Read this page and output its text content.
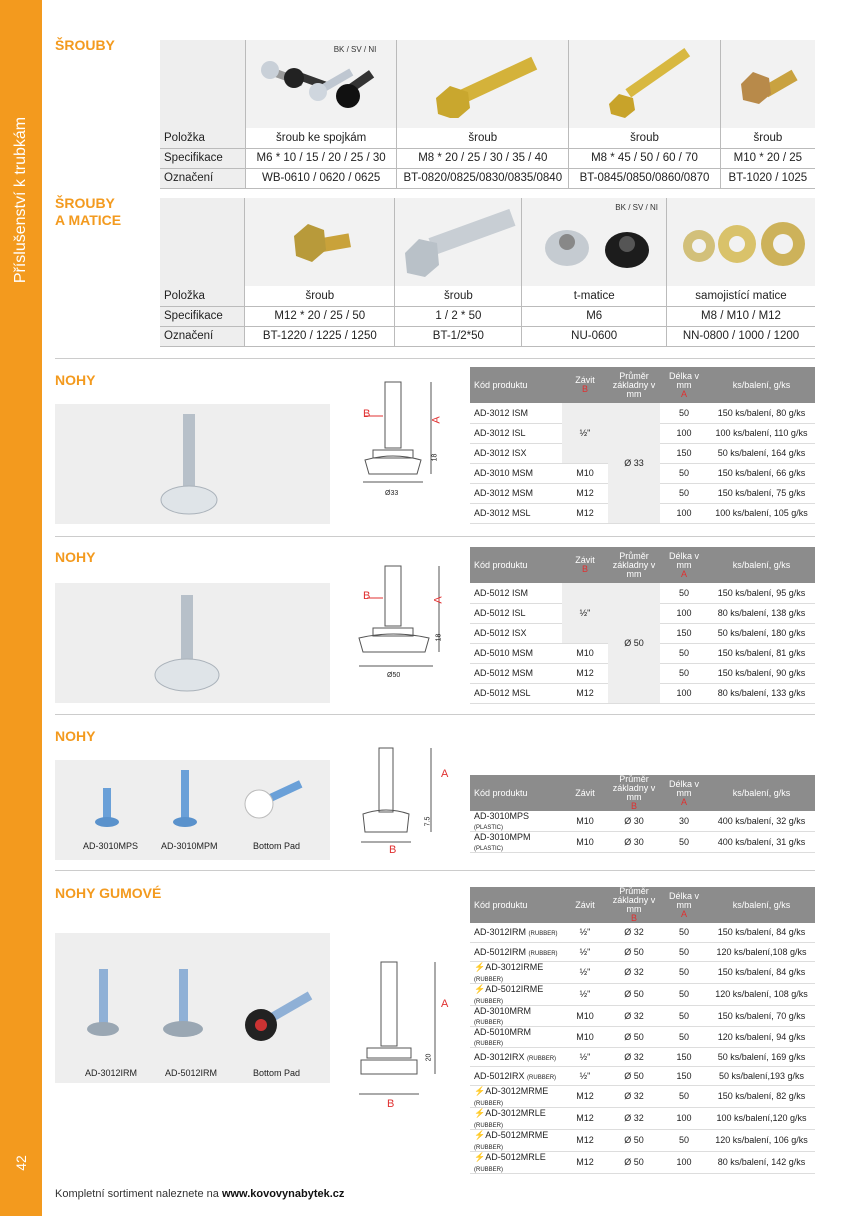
Příslušenství k trubkám
42
ŠROUBY

	BK / SV / NI

Položka	šroub ke spojkám	šroub	šroub	šroub
Specifikace	M6 * 10 / 15 / 20 / 25 / 30	M8 * 20 / 25 / 30 / 35 / 40	M8 * 45 / 50 / 60 / 70	M10 * 20 / 25
Označení	WB-0610 / 0620 / 0625	BT-0820/0825/0830/0835/0840	BT-0845/0850/0860/0870	BT-1020 / 1025
ŠROUBY
A MATICE

BK / SV / NI

Položka	šroub	šroub	t-matice	samojistící matice
Specifikace	M12 * 20 / 25 / 50	1 / 2 * 50	M6	M8 / M10 / M12
Označení	BT-1220 / 1225 / 1250	BT-1/2*50	NU-0600	NN-0800 / 1000 / 1200
NOHY
B	A
18
Ø33
Kód produktu	Závit
B	Průměr základny v mm	Délka v mm
A	ks/balení, g/ks
AD-3012 ISM	½"	Ø 33	50	150 ks/balení, 80 g/ks
AD-3012 ISL			100	100 ks/balení, 110 g/ks
AD-3012 ISX			150	50 ks/balení, 164 g/ks
AD-3010 MSM	M10		50	150 ks/balení, 66 g/ks
AD-3012 MSM	M12		50	150 ks/balení, 75 g/ks
AD-3012 MSL	M12		100	100 ks/balení, 105 g/ks
NOHY
B	A
18
Ø50
Kód produktu	Závit
B	Průměr základny v mm	Délka v mm
A	ks/balení, g/ks
AD-5012 ISM	½"	Ø 50	50	150 ks/balení, 95 g/ks
AD-5012 ISL			100	80 ks/balení, 138 g/ks
AD-5012 ISX			150	50 ks/balení, 180 g/ks
AD-5010 MSM	M10		50	150 ks/balení, 81 g/ks
AD-5012 MSM	M12		50	150 ks/balení, 90 g/ks
AD-5012 MSL	M12		100	80 ks/balení, 133 g/ks
NOHY
AD-3010MPS	AD-3010MPM	Bottom Pad
A
7.5
B
Kód produktu	Závit	Průměr základny v mm
B	Délka v mm
A	ks/balení, g/ks
AD-3010MPS (PLASTIC)	M10	Ø 30	30	400 ks/balení, 32 g/ks
AD-3010MPM (PLASTIC)	M10	Ø 30	50	400 ks/balení, 31 g/ks
NOHY GUMOVÉ
AD-3012IRM	AD-5012IRM	Bottom Pad
A
20
B
Kód produktu	Závit	Průměr základny v mm
B	Délka v mm
A	ks/balení, g/ks
AD-3012IRM (RUBBER)	½"	Ø 32	50	150 ks/balení, 84 g/ks
AD-5012IRM (RUBBER)	½"	Ø 50	50	120 ks/balení,108 g/ks
⚡AD-3012IRME (RUBBER)	½"	Ø 32	50	150 ks/balení, 84 g/ks
⚡AD-5012IRME (RUBBER)	½"	Ø 50	50	120 ks/balení, 108 g/ks
AD-3010MRM (RUBBER)	M10	Ø 32	50	150 ks/balení, 70 g/ks
AD-5010MRM (RUBBER)	M10	Ø 50	50	120 ks/balení, 94 g/ks
AD-3012IRX (RUBBER)	½"	Ø 32	150	50 ks/balení, 169 g/ks
AD-5012IRX (RUBBER)	½"	Ø 50	150	50 ks/balení,193 g/ks
⚡AD-3012MRME (RUBBER)	M12	Ø 32	50	150 ks/balení, 82 g/ks
⚡AD-3012MRLE (RUBBER)	M12	Ø 32	100	100 ks/balení,120 g/ks
⚡AD-5012MRME (RUBBER)	M12	Ø 50	50	120 ks/balení, 106 g/ks
⚡AD-5012MRLE (RUBBER)	M12	Ø 50	100	80 ks/balení, 142 g/ks
Kompletní sortiment naleznete na www.kovovynabytek.cz
